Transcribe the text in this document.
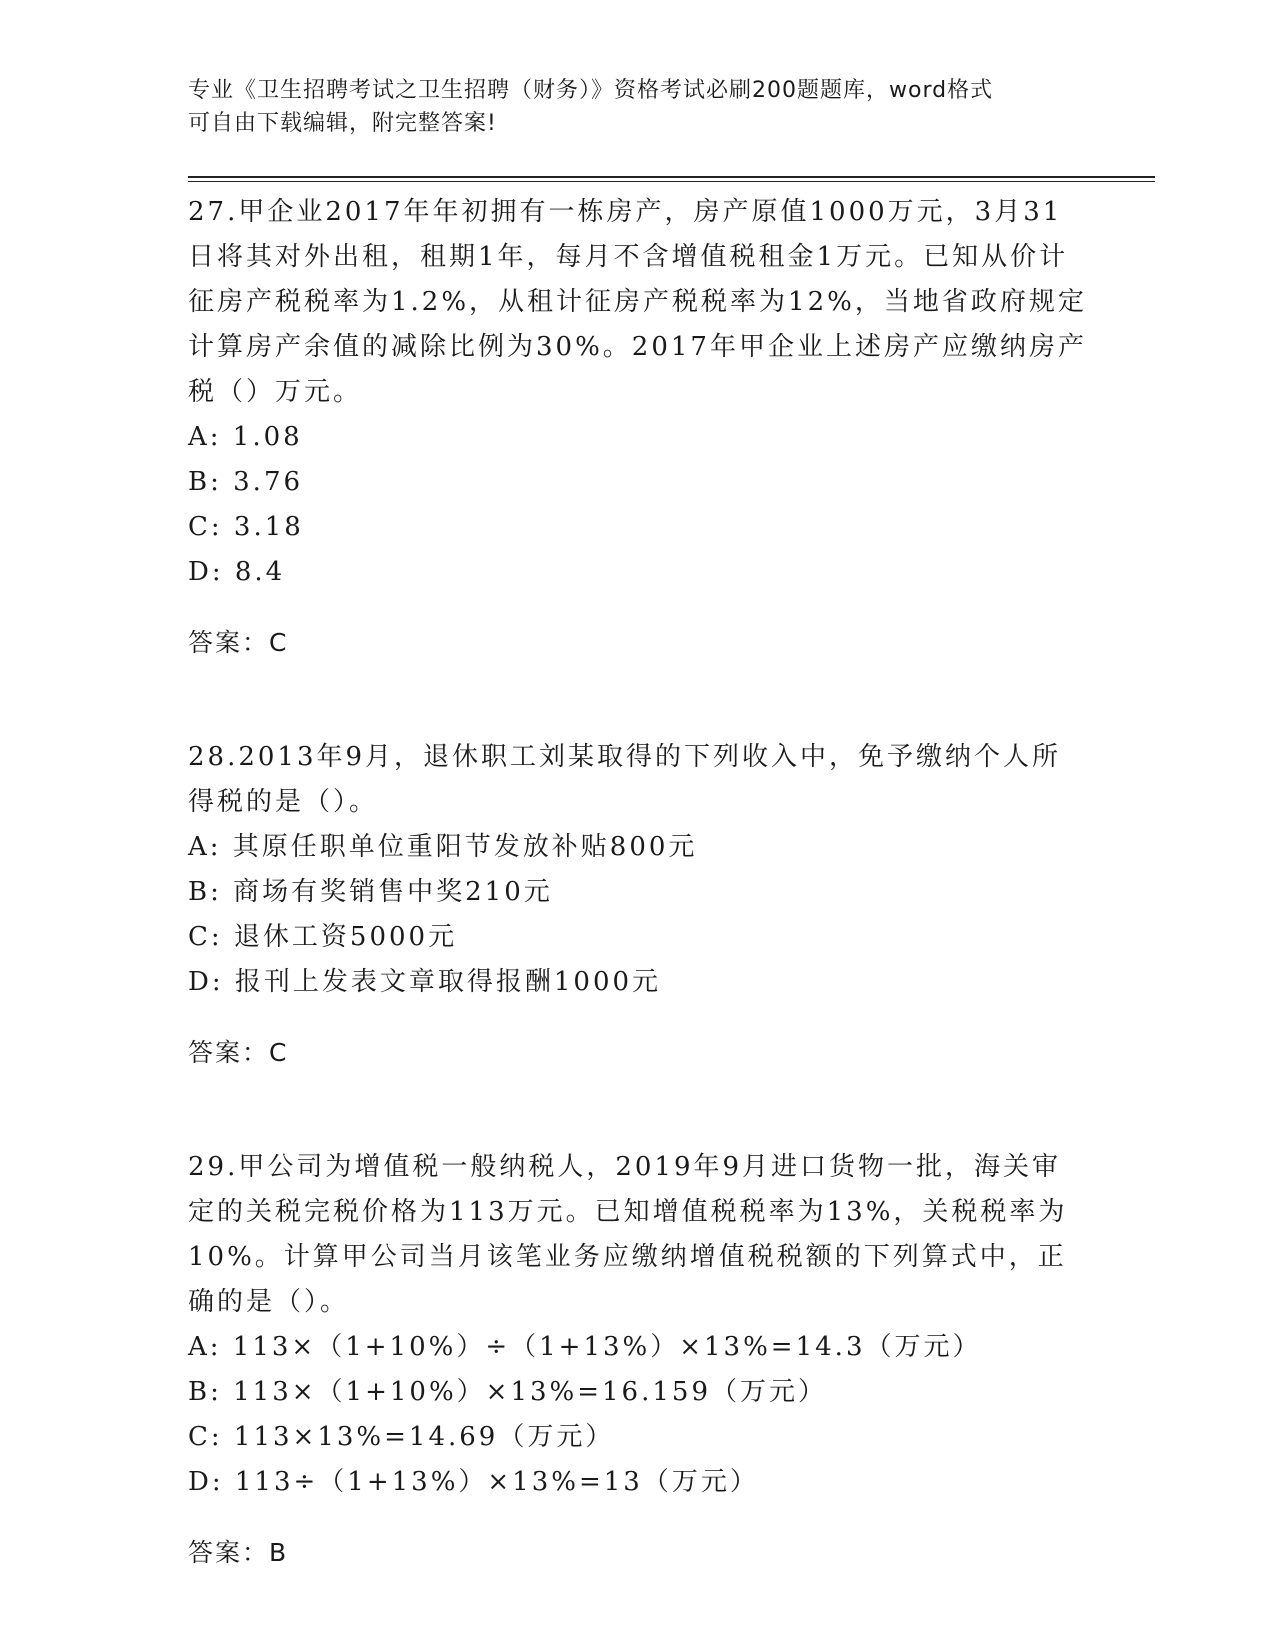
专业《卫生招聘考试之卫生招聘（财务）》资格考试必刷200题题库，word格式
可自由下载编辑，附完整答案!

27.甲企业2017年年初拥有一栋房产，房产原值1000万元，3月31日将其对外出租，租期1年，每月不含增值税租金1万元。已知从价计征房产税税率为1.2%，从租计征房产税税率为12%，当地省政府规定计算房产余值的减除比例为30%。2017年甲企业上述房产应缴纳房产税（）万元。

A: 1.08

B: 3.76

C: 3.18

D: 8.4

答案：C

28.2013年9月，退休职工刘某取得的下列收入中，免予缴纳个人所得税的是（）。

A: 其原任职单位重阳节发放补贴800元

B: 商场有奖销售中奖210元

C: 退休工资5000元

D: 报刊上发表文章取得报酬1000元

答案：C

29.甲公司为增值税一般纳税人，2019年9月进口货物一批，海关审定的关税完税价格为113万元。已知增值税税率为13%，关税税率为10%。计算甲公司当月该笔业务应缴纳增值税税额的下列算式中，正确的是（）。

A: 113×（1+10%）÷（1+13%）×13%=14.3（万元）

B: 113×（1+10%）×13%=16.159（万元）

C: 113×13%=14.69（万元）

D: 113÷（1+13%）×13%=13（万元）

答案：B
